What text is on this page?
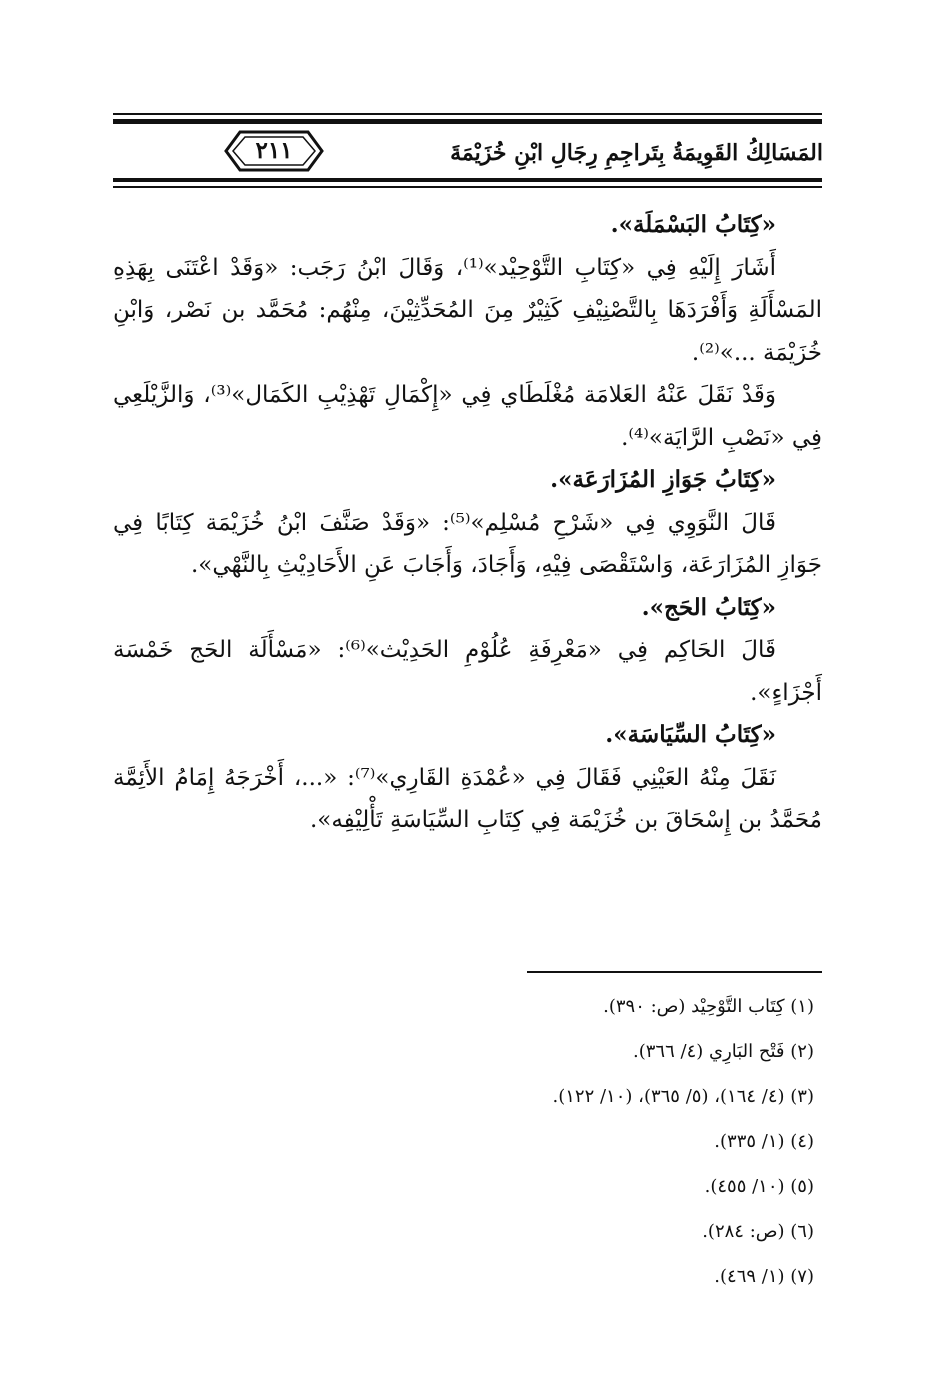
المَسَالِكُ القَوِيمَةُ بِتَراجِمِ رِجَالِ ابْنِ خُزَيْمَةَ
٢١١

«كِتَابُ البَسْمَلَة».

أَشَارَ إِلَيْهِ فِي «كِتَابِ التَّوْحِيْد»⁽¹⁾، وَقَالَ ابْنُ رَجَب: «وَقَدْ اعْتَنَى بِهَذِهِ المَسْأَلَةِ وَأَفْرَدَهَا بِالتَّصْنِيْفِ كَثِيْرٌ مِنَ المُحَدِّثِيْنَ، مِنْهُم: مُحَمَّد بن نَصْر، وَابْنِ خُزَيْمَة ...»⁽²⁾.

وَقَدْ نَقَلَ عَنْهُ العَلامَة مُغْلَطَاي فِي «إِكْمَالِ تَهْذِيْبِ الكَمَال»⁽³⁾، وَالزَّيْلَعِي فِي «نَصْبِ الرَّايَة»⁽⁴⁾.

«كِتَابُ جَوَازِ المُزَارَعَة».

قَالَ النَّوَوِي فِي «شَرْحِ مُسْلِم»⁽⁵⁾: «وَقَدْ صَنَّفَ ابْنُ خُزَيْمَة كِتَابًا فِي جَوَازِ المُزَارَعَة، وَاسْتَقْصَى فِيْهِ، وَأَجَادَ، وَأَجَابَ عَنِ الأَحَادِيْثِ بِالنَّهْي».

«كِتَابُ الحَج».

قَالَ الحَاكِم فِي «مَعْرِفَةِ عُلُوْمِ الحَدِيْث»⁽⁶⁾: «مَسْأَلَة الحَج خَمْسَة أَجْزَاءٍ».

«كِتَابُ السِّيَاسَة».

نَقَلَ مِنْهُ العَيْنِي فَقَالَ فِي «عُمْدَةِ القَارِي»⁽⁷⁾: «...، أَخْرَجَهُ إِمَامُ الأَئِمَّة مُحَمَّدُ بن إِسْحَاقَ بن خُزَيْمَة فِي كِتَابِ السِّيَاسَةِ تَأْلِيْفِه».

(١) كِتَاب التَّوْحِيْد (ص: ٣٩٠).

(٢) فَتْح البَارِي (٤/ ٣٦٦).

(٣) (٤/ ١٦٤)، (٥/ ٣٦٥)، (١٠/ ١٢٢).

(٤) (١/ ٣٣٥).

(٥) (١٠/ ٤٥٥).

(٦) (ص: ٢٨٤).

(٧) (١/ ٤٦٩).
